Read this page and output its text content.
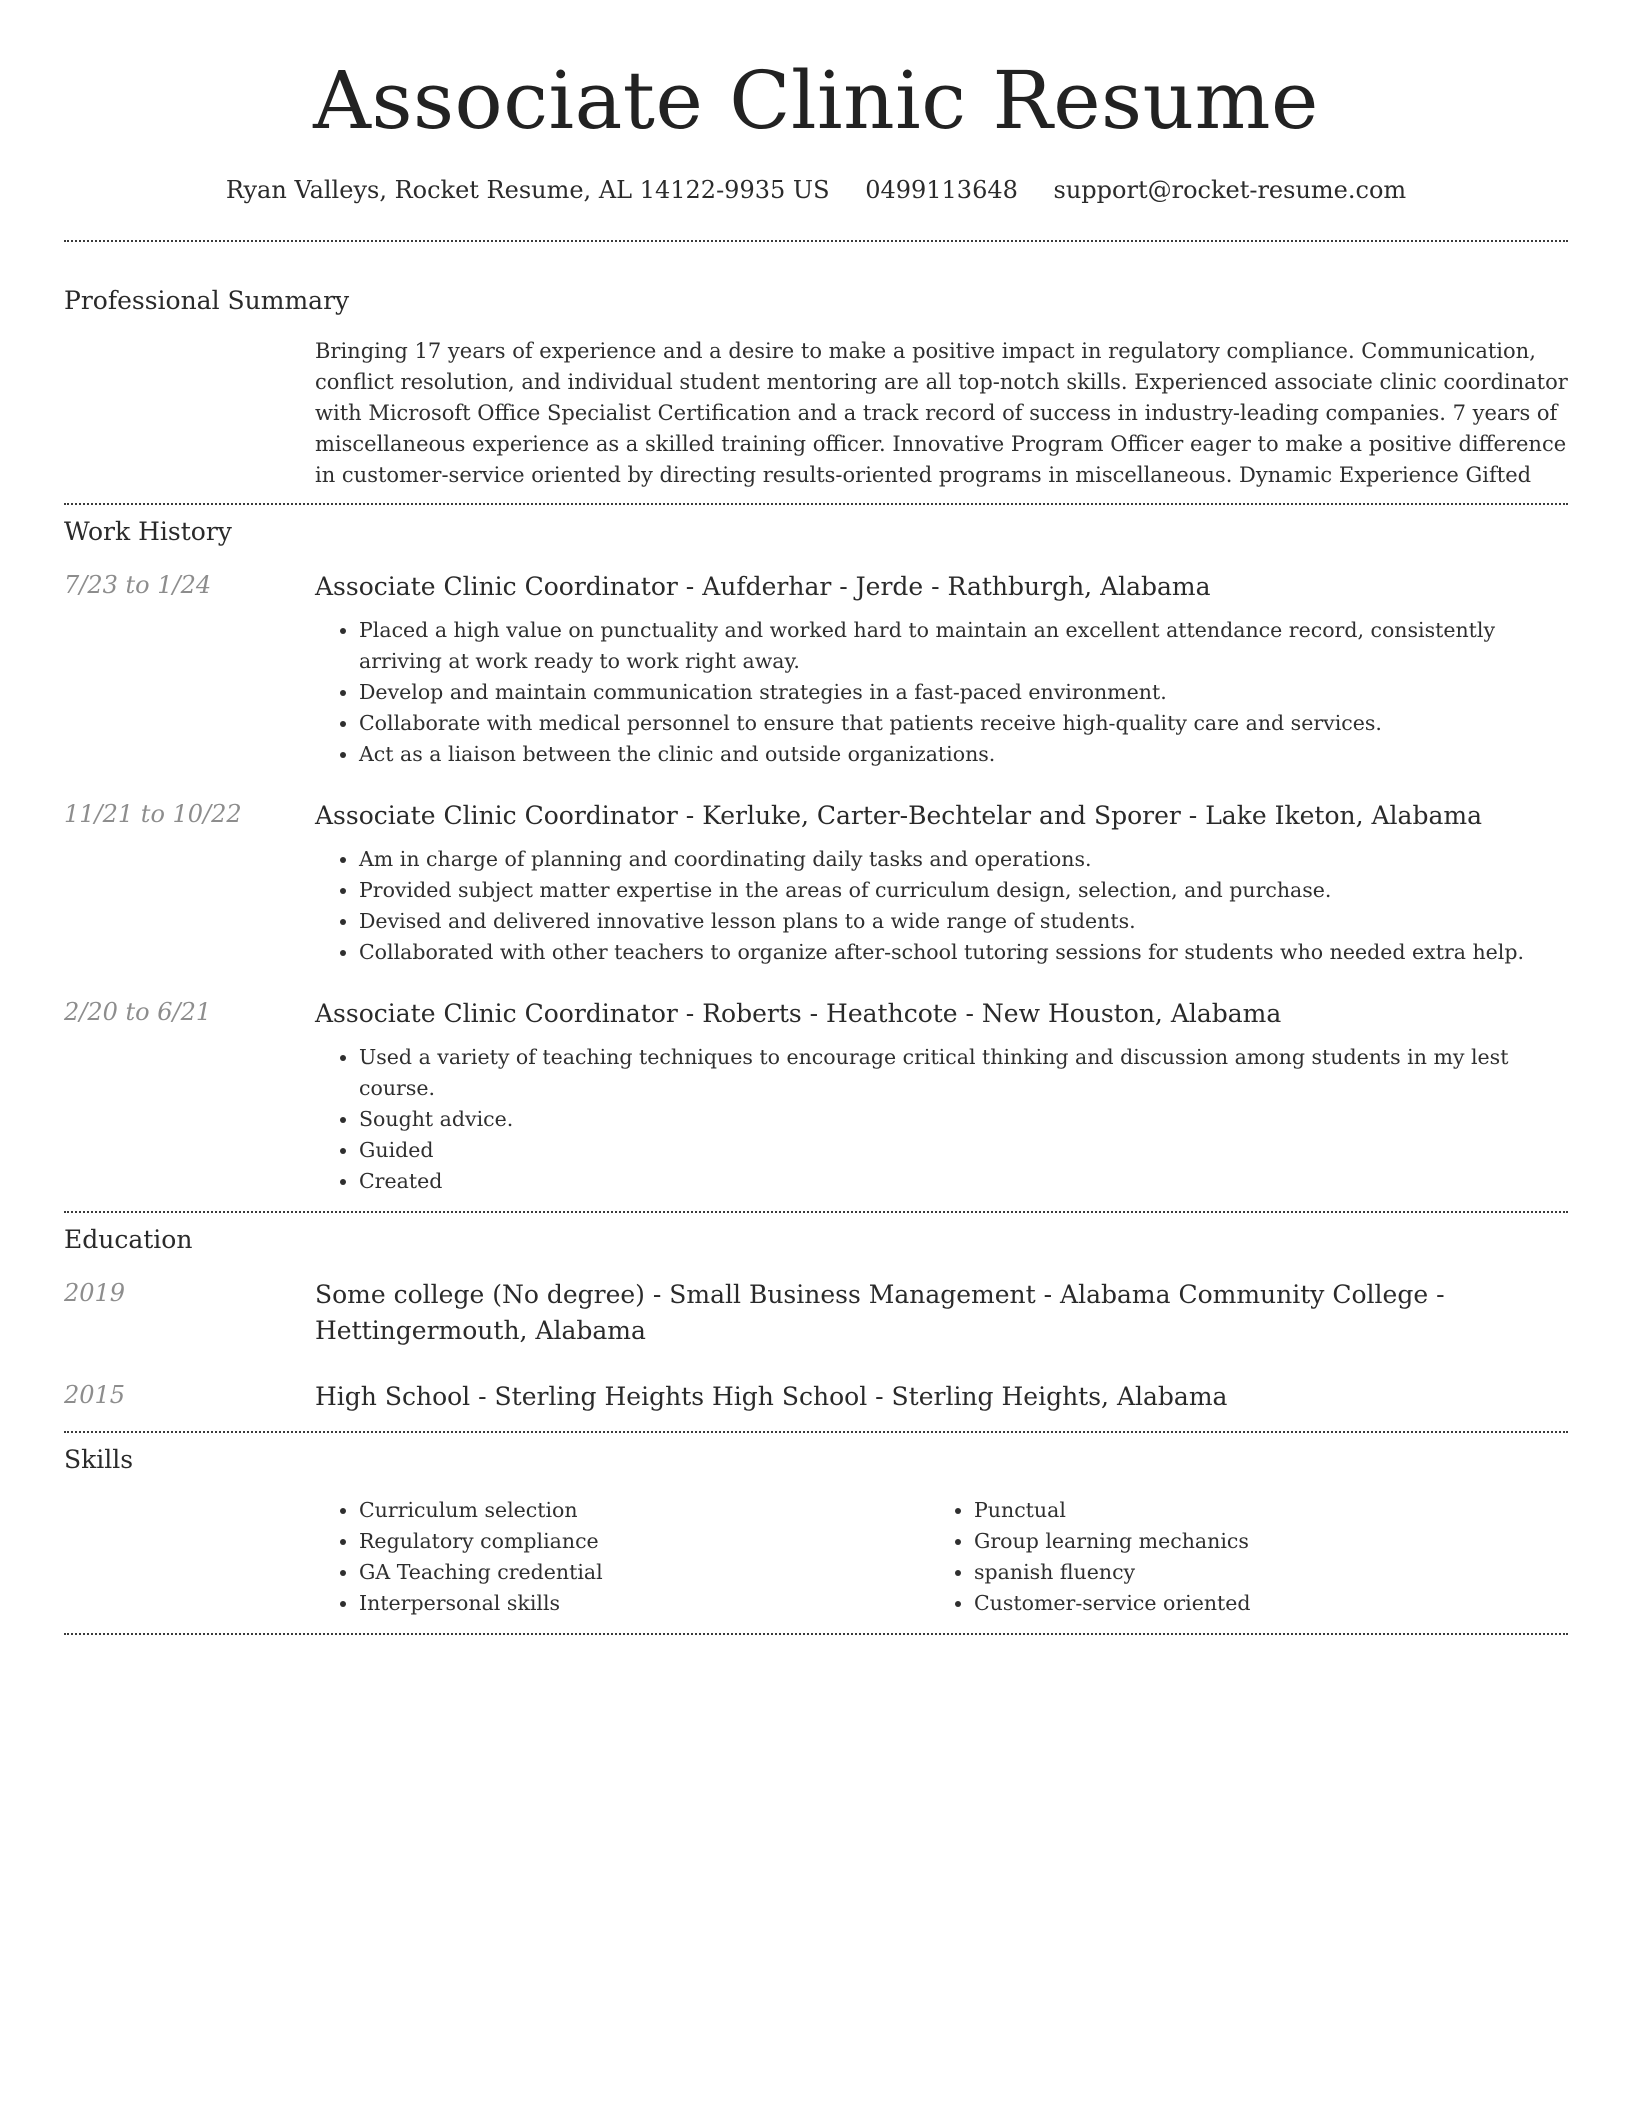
Associate Clinic Resume
Ryan Valleys, Rocket Resume, AL 14122-9935 US 0499113648 support@rocket-resume.com
Professional Summary
Bringing 17 years of experience and a desire to make a positive impact in regulatory compliance. Communication, conflict resolution, and individual student mentoring are all top-notch skills. Experienced associate clinic coordinator with Microsoft Office Specialist Certification and a track record of success in industry-leading companies. 7 years of miscellaneous experience as a skilled training officer. Innovative Program Officer eager to make a positive difference in customer-service oriented by directing results-oriented programs in miscellaneous. Dynamic Experience Gifted
Work History
7/23 to 1/24	Associate Clinic Coordinator - Aufderhar - Jerde - Rathburgh, Alabama
• Placed a high value on punctuality and worked hard to maintain an excellent attendance record, consistently arriving at work ready to work right away.
• Develop and maintain communication strategies in a fast-paced environment.
• Collaborate with medical personnel to ensure that patients receive high-quality care and services.
• Act as a liaison between the clinic and outside organizations.
11/21 to 10/22	Associate Clinic Coordinator - Kerluke, Carter-Bechtelar and Sporer - Lake Iketon, Alabama
• Am in charge of planning and coordinating daily tasks and operations.
• Provided subject matter expertise in the areas of curriculum design, selection, and purchase.
• Devised and delivered innovative lesson plans to a wide range of students.
• Collaborated with other teachers to organize after-school tutoring sessions for students who needed extra help.
2/20 to 6/21	Associate Clinic Coordinator - Roberts - Heathcote - New Houston, Alabama
• Used a variety of teaching techniques to encourage critical thinking and discussion among students in my lest course.
• Sought advice.
• Guided
• Created
Education
2019	Some college (No degree) - Small Business Management - Alabama Community College - Hettingermouth, Alabama
2015	High School - Sterling Heights High School - Sterling Heights, Alabama
Skills
• Curriculum selection
• Regulatory compliance
• GA Teaching credential
• Interpersonal skills
• Punctual
• Group learning mechanics
• spanish fluency
• Customer-service oriented
